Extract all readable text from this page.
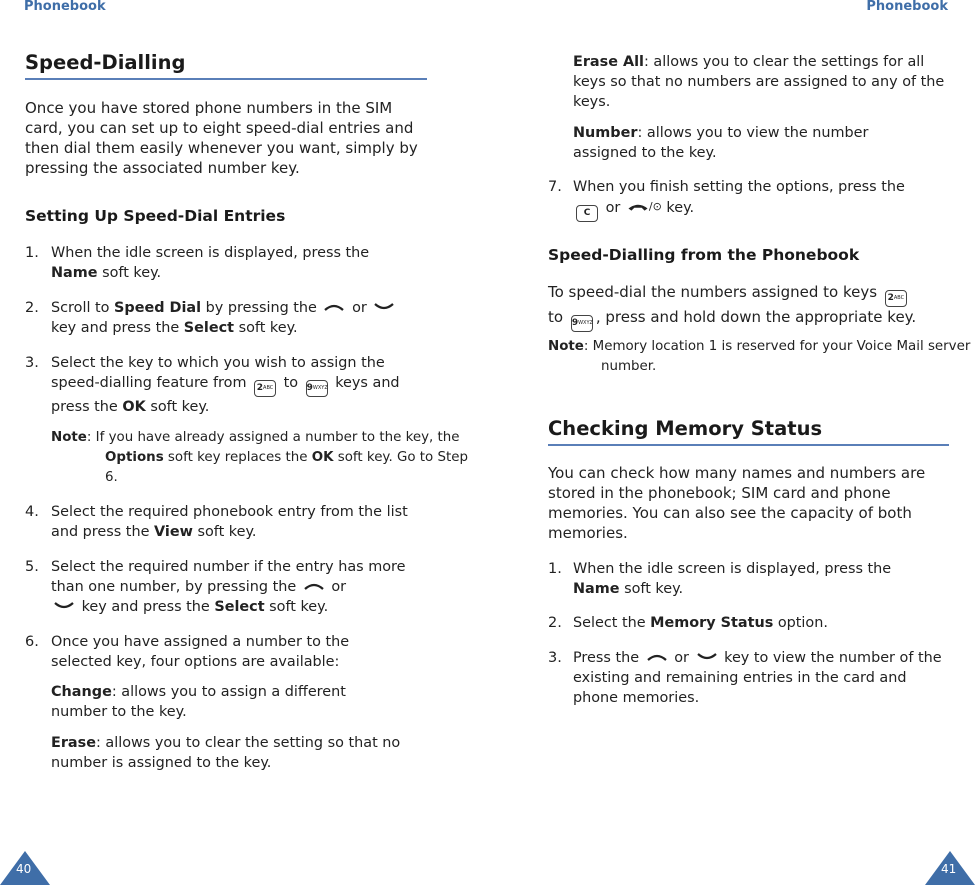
Phonebook	Phonebook
Speed-Dialling
Once you have stored phone numbers in the SIM card, you can set up to eight speed-dial entries and then dial them easily whenever you want, simply by pressing the associated number key.
Setting Up Speed-Dial Entries
1. When the idle screen is displayed, press the
Name soft key.
2. Scroll to Speed Dial by pressing the or
key and press the Select soft key.
3. Select the key to which you wish to assign the speed-dialling feature from $2^{ABC}$ to $9^{WXYZ}$ keys and press the OK soft key.
Note: If you have already assigned a number to the key, the Options soft key replaces the OK soft key. Go to Step 6.
4. Select the required phonebook entry from the list and press the View soft key.
5. Select the required number if the entry has more than one number, by pressing the or
key and press the Select soft key.
6. Once you have assigned a number to the selected key, four options are available:
Change: allows you to assign a different number to the key.
Erase: allows you to clear the setting so that no number is assigned to the key.
40
Erase All: allows you to clear the settings for all keys so that no numbers are assigned to any of the keys.
Number: allows you to view the number assigned to the key.
7. When you finish setting the options, press the
C or	/⊙ key.
Speed-Dialling from the Phonebook
To speed-dial the numbers assigned to keys $2^{ABC}$
to $9^{WXYZ}$ , press and hold down the appropriate key.
Note: Memory location 1 is reserved for your Voice Mail server number.
Checking Memory Status
You can check how many names and numbers are stored in the phonebook; SIM card and phone memories. You can also see the capacity of both memories.
1. When the idle screen is displayed, press the
Name soft key.
2. Select the Memory Status option.
3. Press the or key to view the number of the existing and remaining entries in the card and phone memories.
41
